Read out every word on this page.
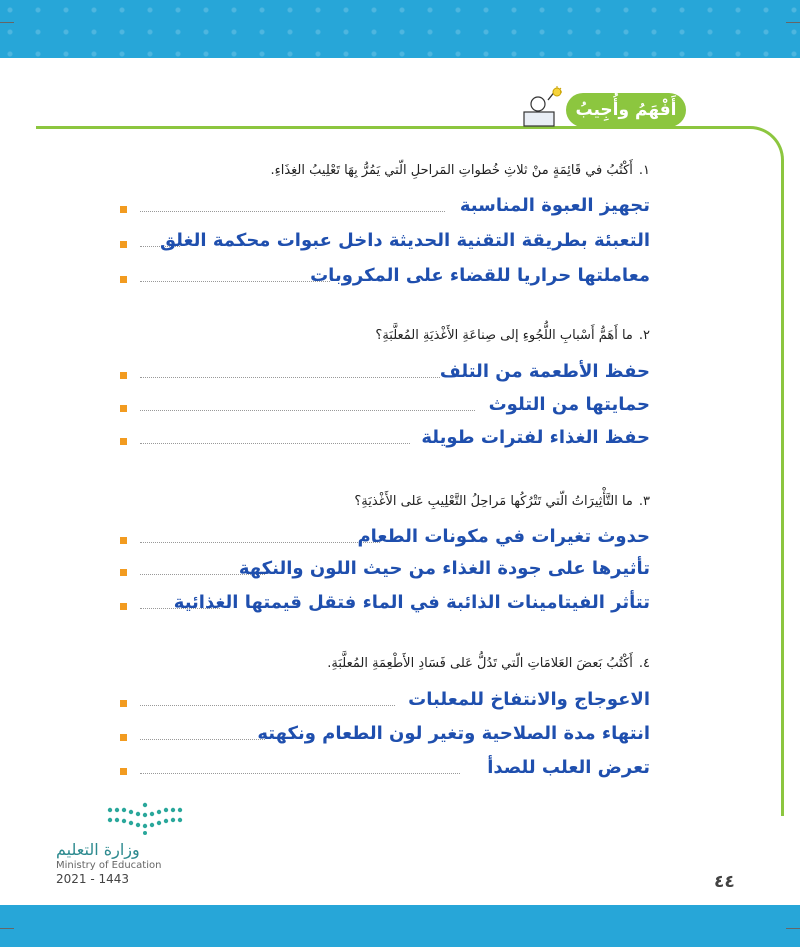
أَفْهَمُ وأُجِيبُ
١.أَكْتُبُ في قَائِمَةٍ منْ ثلاثِ خُطواتِ المَراحلِ الّتي يَمُرُّ بِهَا تَعْلِيبُ الغِذَاءِ.
تجهيز العبوة المناسبة
التعبئة بطريقة التقنية الحديثة داخل عبوات محكمة الغلق
معاملتها حراريا للقضاء على المكروبات
٢.ما أَهَمُّ أَسْبابِ اللُّجُوءِ إلى صِناعَةِ الأَغْذيَةِ المُعلَّبَةِ؟
حفظ الأطعمة من التلف
حمايتها من التلوث
حفظ الغذاء لفترات طويلة
٣.ما التَّأْثِيرَاتُ الّتي تَتْرُكُها مَراحِلُ التَّعْلِيبِ عَلى الأَغْذيَةِ؟
حدوث تغيرات في مكونات الطعام
تأثيرها على جودة الغذاء من حيث اللون والنكهة
تتأثر الفيتامينات الذائبة في الماء فتقل قيمتها الغذائية
٤.أَكْتُبُ بَعضَ العَلامَاتِ الّتي تَدُلُّ عَلى فَسَادِ الأَطْعِمَةِ المُعلَّبَةِ.
الاعوجاج والانتفاخ للمعلبات
انتهاء مدة الصلاحية وتغير لون الطعام ونكهته
تعرض العلب للصدأ
وزارة التعليم
Ministry of Education
2021 - 1443	٤٤
